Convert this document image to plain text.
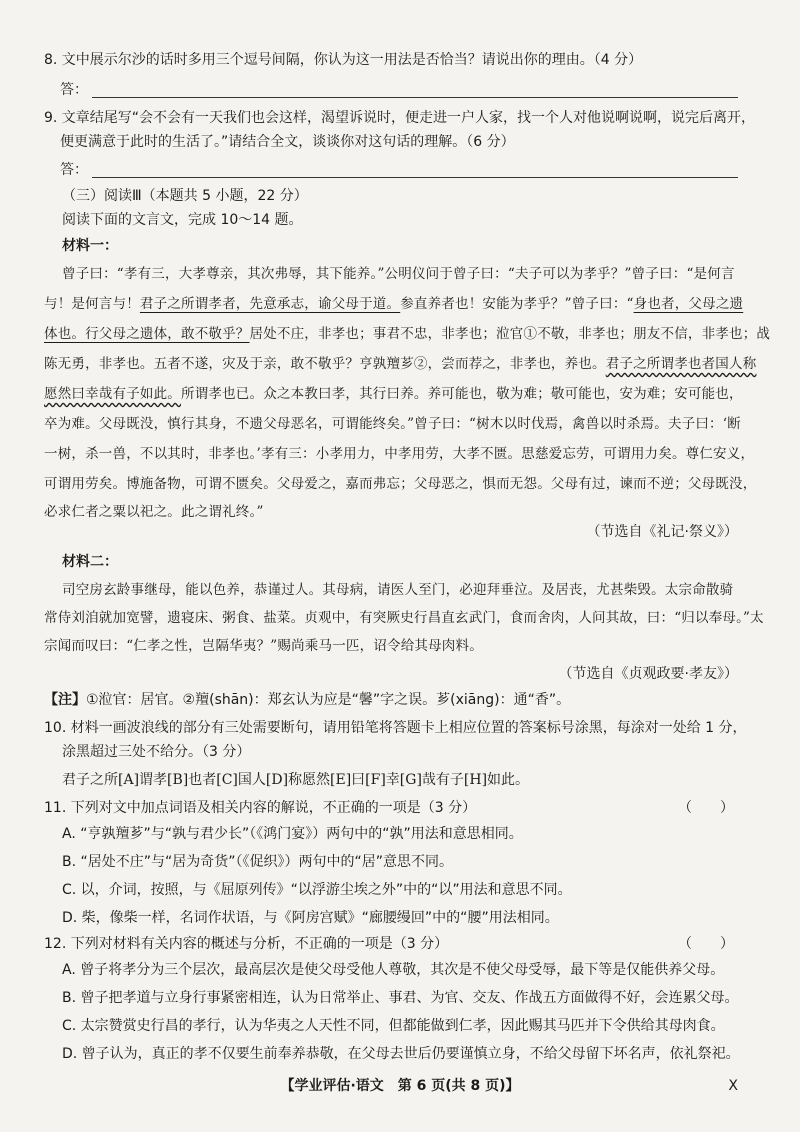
8. 文中展示尔沙的话时多用三个逗号间隔，你认为这一用法是否恰当？请说出你的理由。（4 分）
答：
9. 文章结尾写“会不会有一天我们也会这样，渴望诉说时，便走进一户人家，找一个人对他说啊说啊，说完后离开，
便更满意于此时的生活了。”请结合全文，谈谈你对这句话的理解。（6 分）
答：
（三）阅读Ⅲ（本题共 5 小题，22 分）
阅读下面的文言文，完成 10～14 题。
材料一：
曾子曰：“孝有三，大孝尊亲，其次弗辱，其下能养。”公明仪问于曾子曰：“夫子可以为孝乎？”曾子曰：“是何言
与！是何言与！君子之所谓孝者，先意承志，谕父母于道。参直养者也！安能为孝乎？”曾子曰：“身也者，父母之遗
体也。行父母之遗体，敢不敬乎？居处不庄，非孝也；事君不忠，非孝也；涖官①不敬，非孝也；朋友不信，非孝也；战
陈无勇，非孝也。五者不遂，灾及于亲，敢不敬乎？亨孰羶芗②，尝而荐之，非孝也，养也。君子之所谓孝也者国人称
愿然曰幸哉有子如此。所谓孝也已。众之本教曰孝，其行曰养。养可能也，敬为难；敬可能也，安为难；安可能也，
卒为难。父母既没，慎行其身，不遗父母恶名，可谓能终矣。”曾子曰：“树木以时伐焉，禽兽以时杀焉。夫子曰：‘断
一树，杀一兽，不以其时，非孝也。’孝有三：小孝用力，中孝用劳，大孝不匮。思慈爱忘劳，可谓用力矣。尊仁安义，
可谓用劳矣。博施备物，可谓不匮矣。父母爱之，嘉而弗忘；父母恶之，惧而无怨。父母有过，谏而不逆；父母既没，
必求仁者之粟以祀之。此之谓礼终。”
（节选自《礼记·祭义》）
材料二：
司空房玄龄事继母，能以色养，恭谨过人。其母病，请医人至门，必迎拜垂泣。及居丧，尤甚柴毁。太宗命散骑
常侍刘洎就加宽譬，遗寝床、粥食、盐菜。贞观中，有突厥史行昌直玄武门，食而舍肉，人问其故，曰：“归以奉母。”太
宗闻而叹曰：“仁孝之性，岂隔华夷？”赐尚乘马一匹，诏令给其母肉料。
（节选自《贞观政要·孝友》）
【注】①涖官：居官。②羶(shān)：郑玄认为应是“馨”字之误。芗(xiāng)：通“香”。
10. 材料一画波浪线的部分有三处需要断句，请用铅笔将答题卡上相应位置的答案标号涂黑，每涂对一处给 1 分，
涂黑超过三处不给分。（3 分）
君子之所[A]谓孝[B]也者[C]国人[D]称愿然[E]曰[F]幸[G]哉有子[H]如此。
11. 下列对文中加点词语及相关内容的解说，不正确的一项是（3 分）	（　　）
A. “亨孰羶芗”与“孰与君少长”（《鸿门宴》）两句中的“孰”用法和意思相同。
B. “居处不庄”与“居为奇货”（《促织》）两句中的“居”意思不同。
C. 以，介词，按照，与《屈原列传》“以浮游尘埃之外”中的“以”用法和意思不同。
D. 柴，像柴一样，名词作状语，与《阿房宫赋》“廊腰缦回”中的“腰”用法相同。
12. 下列对材料有关内容的概述与分析，不正确的一项是（3 分）	（　　）
A. 曾子将孝分为三个层次，最高层次是使父母受他人尊敬，其次是不使父母受辱，最下等是仅能供养父母。
B. 曾子把孝道与立身行事紧密相连，认为日常举止、事君、为官、交友、作战五方面做得不好，会连累父母。
C. 太宗赞赏史行昌的孝行，认为华夷之人天性不同，但都能做到仁孝，因此赐其马匹并下令供给其母肉食。
D. 曾子认为，真正的孝不仅要生前奉养恭敬，在父母去世后仍要谨慎立身，不给父母留下坏名声，依礼祭祀。
【学业评估·语文　第 6 页(共 8 页)】	X
